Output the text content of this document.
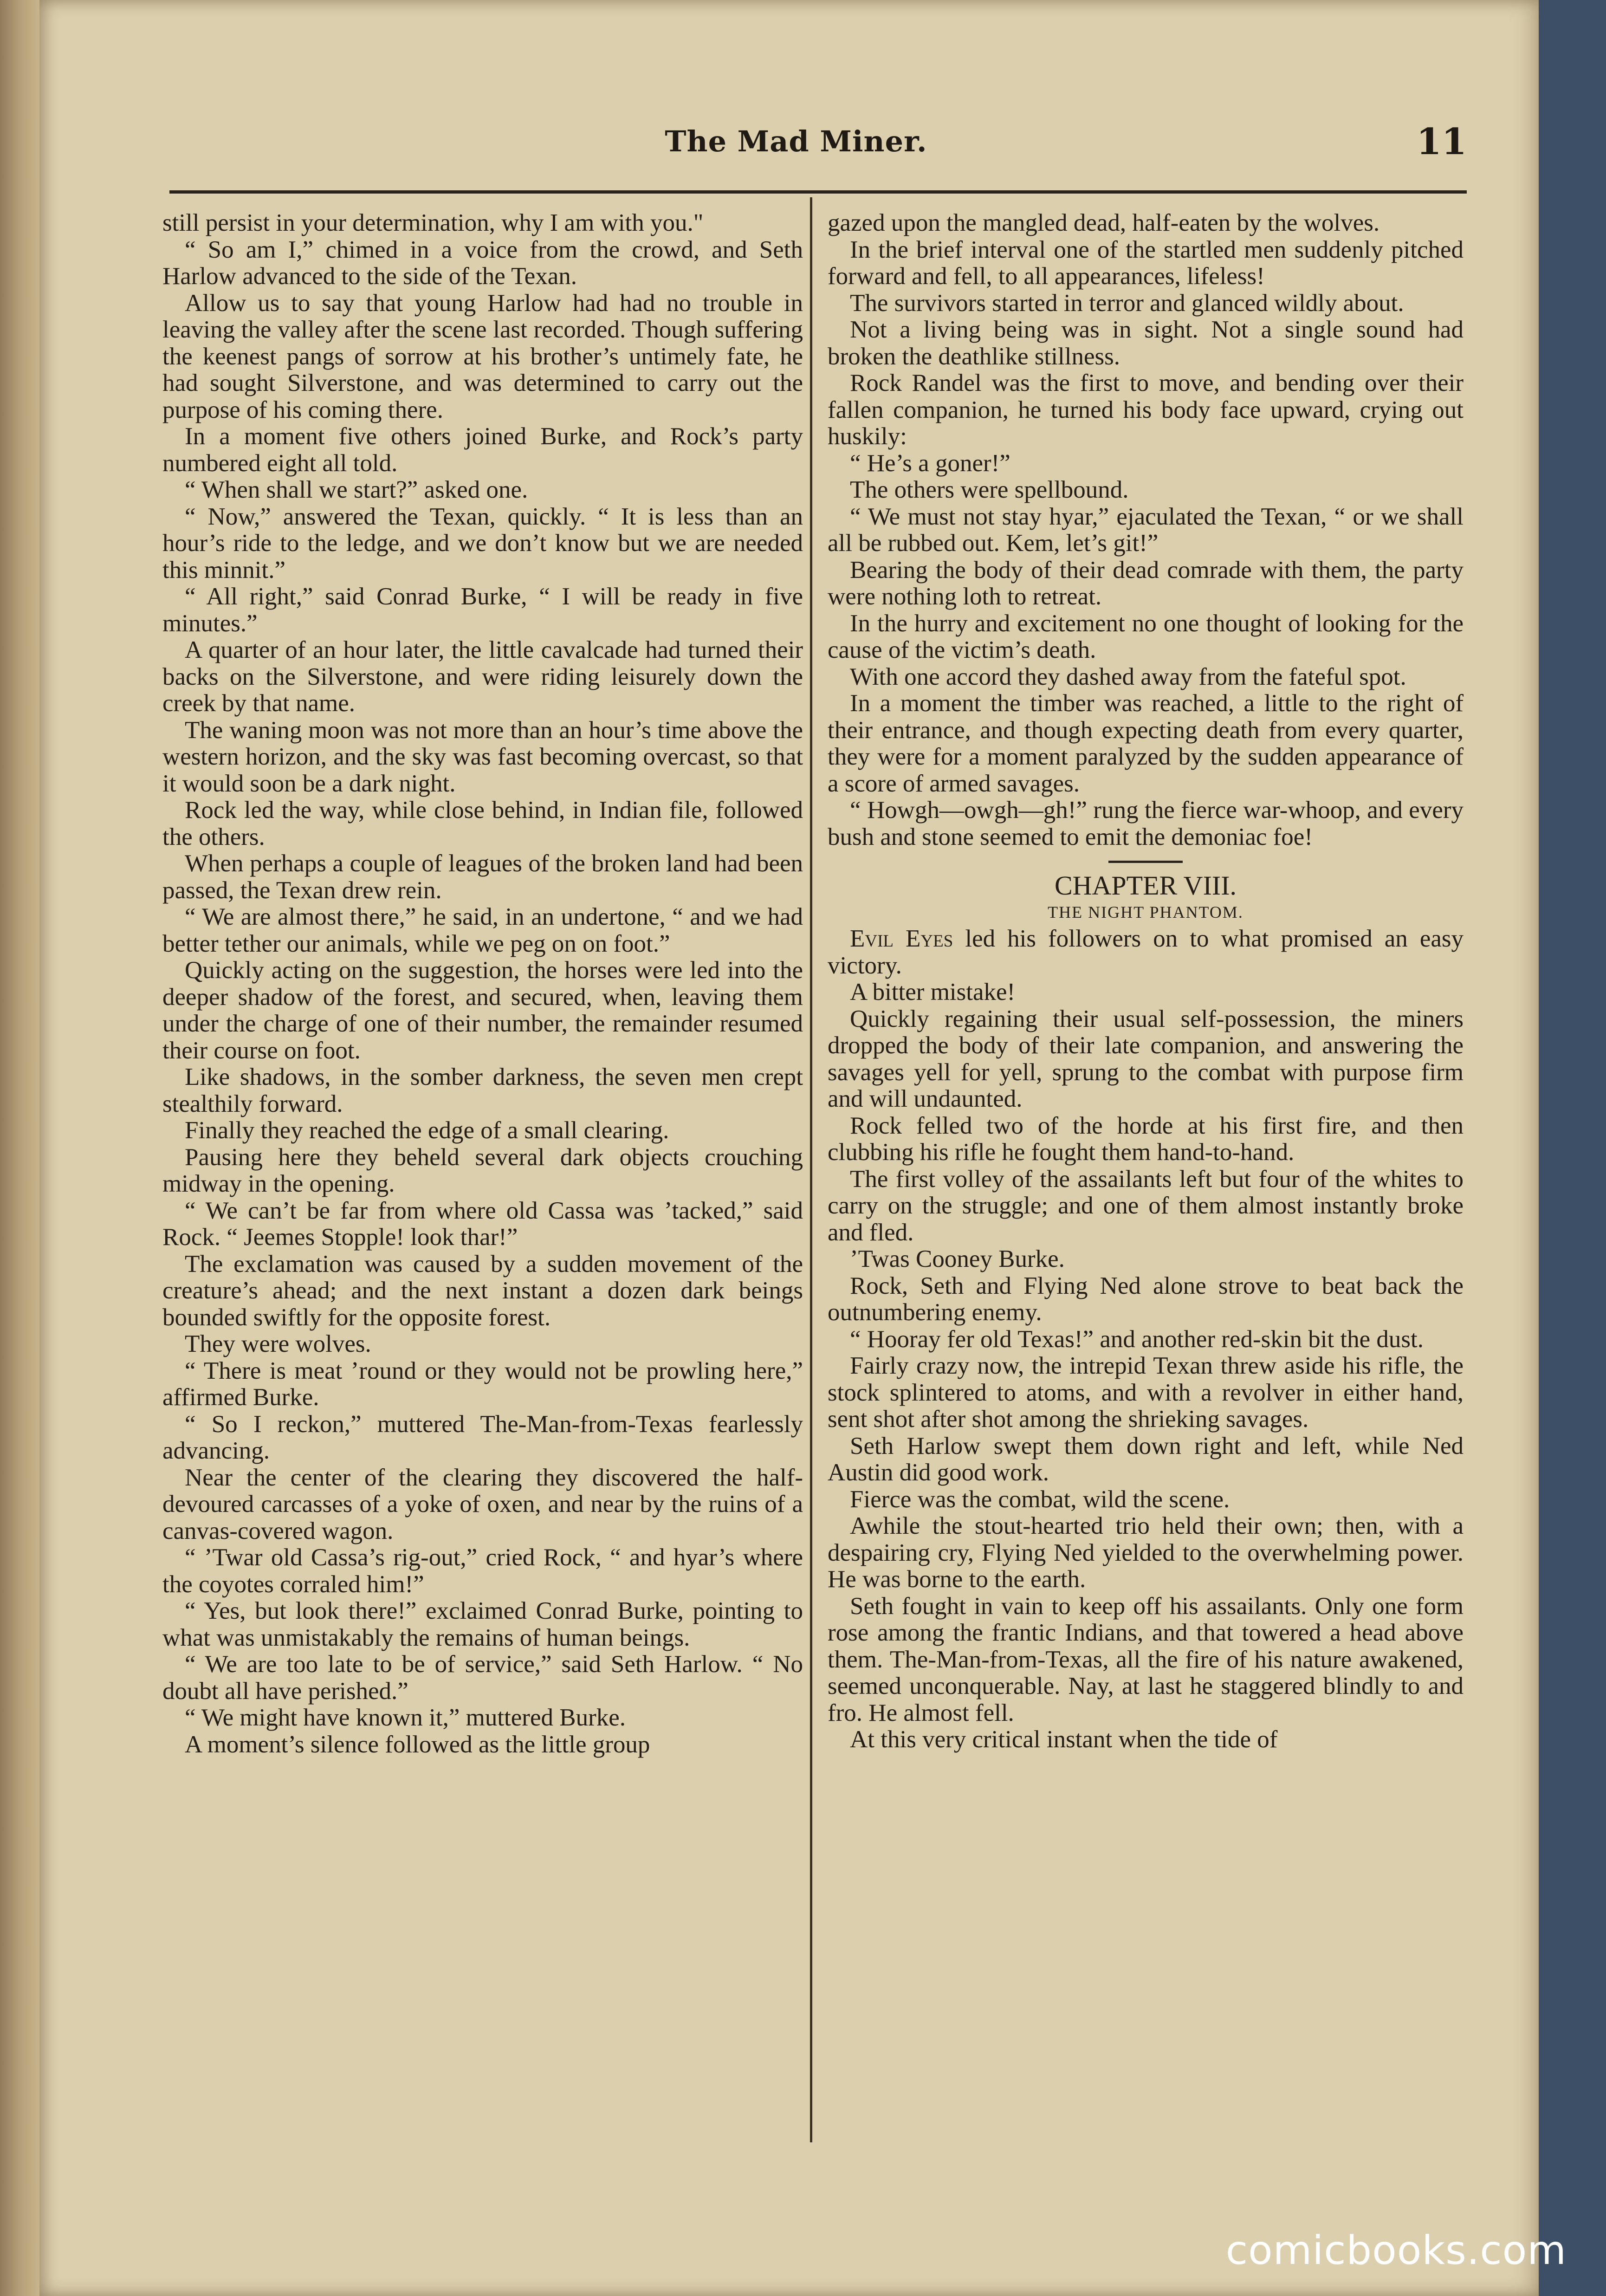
The Mad Miner.	11

still persist in your determination, why I am with you."

“ So am I,” chimed in a voice from the crowd, and Seth Harlow advanced to the side of the Texan.

Allow us to say that young Harlow had had no trouble in leaving the valley after the scene last recorded. Though suffering the keenest pangs of sorrow at his brother’s untimely fate, he had sought Silverstone, and was determined to carry out the purpose of his coming there.

In a moment five others joined Burke, and Rock’s party numbered eight all told.

“ When shall we start?” asked one.

“ Now,” answered the Texan, quickly. “ It is less than an hour’s ride to the ledge, and we don’t know but we are needed this minnit.”

“ All right,” said Conrad Burke, “ I will be ready in five minutes.”

A quarter of an hour later, the little cavalcade had turned their backs on the Silverstone, and were riding leisurely down the creek by that name.

The waning moon was not more than an hour’s time above the western horizon, and the sky was fast becoming overcast, so that it would soon be a dark night.

Rock led the way, while close behind, in Indian file, followed the others.

When perhaps a couple of leagues of the broken land had been passed, the Texan drew rein.

“ We are almost there,” he said, in an undertone, “ and we had better tether our animals, while we peg on on foot.”

Quickly acting on the suggestion, the horses were led into the deeper shadow of the forest, and secured, when, leaving them under the charge of one of their number, the remainder resumed their course on foot.

Like shadows, in the somber darkness, the seven men crept stealthily forward.

Finally they reached the edge of a small clearing.

Pausing here they beheld several dark objects crouching midway in the opening.

“ We can’t be far from where old Cassa was ’tacked,” said Rock. “ Jeemes Stopple! look thar!”

The exclamation was caused by a sudden movement of the creature’s ahead; and the next instant a dozen dark beings bounded swiftly for the opposite forest.

They were wolves.

“ There is meat ’round or they would not be prowling here,” affirmed Burke.

“ So I reckon,” muttered The-Man-from-Texas fearlessly advancing.

Near the center of the clearing they discovered the half-devoured carcasses of a yoke of oxen, and near by the ruins of a canvas-covered wagon.

“ ’Twar old Cassa’s rig-out,” cried Rock, “ and hyar’s where the coyotes corraled him!”

“ Yes, but look there!” exclaimed Conrad Burke, pointing to what was unmistakably the remains of human beings.

“ We are too late to be of service,” said Seth Harlow. “ No doubt all have perished.”

“ We might have known it,” muttered Burke.

A moment’s silence followed as the little group

gazed upon the mangled dead, half-eaten by the wolves.

In the brief interval one of the startled men suddenly pitched forward and fell, to all appearances, lifeless!

The survivors started in terror and glanced wildly about.

Not a living being was in sight. Not a single sound had broken the deathlike stillness.

Rock Randel was the first to move, and bending over their fallen companion, he turned his body face upward, crying out huskily:

“ He’s a goner!”

The others were spellbound.

“ We must not stay hyar,” ejaculated the Texan, “ or we shall all be rubbed out. Kem, let’s git!”

Bearing the body of their dead comrade with them, the party were nothing loth to retreat.

In the hurry and excitement no one thought of looking for the cause of the victim’s death.

With one accord they dashed away from the fateful spot.

In a moment the timber was reached, a little to the right of their entrance, and though expecting death from every quarter, they were for a moment paralyzed by the sudden appearance of a score of armed savages.

“ Howgh—owgh—gh!” rung the fierce war-whoop, and every bush and stone seemed to emit the demoniac foe!

CHAPTER VIII.

THE NIGHT PHANTOM.

Evil Eyes led his followers on to what promised an easy victory.

A bitter mistake!

Quickly regaining their usual self-possession, the miners dropped the body of their late companion, and answering the savages yell for yell, sprung to the combat with purpose firm and will undaunted.

Rock felled two of the horde at his first fire, and then clubbing his rifle he fought them hand-to-hand.

The first volley of the assailants left but four of the whites to carry on the struggle; and one of them almost instantly broke and fled.

’Twas Cooney Burke.

Rock, Seth and Flying Ned alone strove to beat back the outnumbering enemy.

“ Hooray fer old Texas!” and another red-skin bit the dust.

Fairly crazy now, the intrepid Texan threw aside his rifle, the stock splintered to atoms, and with a revolver in either hand, sent shot after shot among the shrieking savages.

Seth Harlow swept them down right and left, while Ned Austin did good work.

Fierce was the combat, wild the scene.

Awhile the stout-hearted trio held their own; then, with a despairing cry, Flying Ned yielded to the overwhelming power. He was borne to the earth.

Seth fought in vain to keep off his assailants. Only one form rose among the frantic Indians, and that towered a head above them. The-Man-from-Texas, all the fire of his nature awakened, seemed unconquerable. Nay, at last he staggered blindly to and fro. He almost fell.

At this very critical instant when the tide of

comicbooks.com
